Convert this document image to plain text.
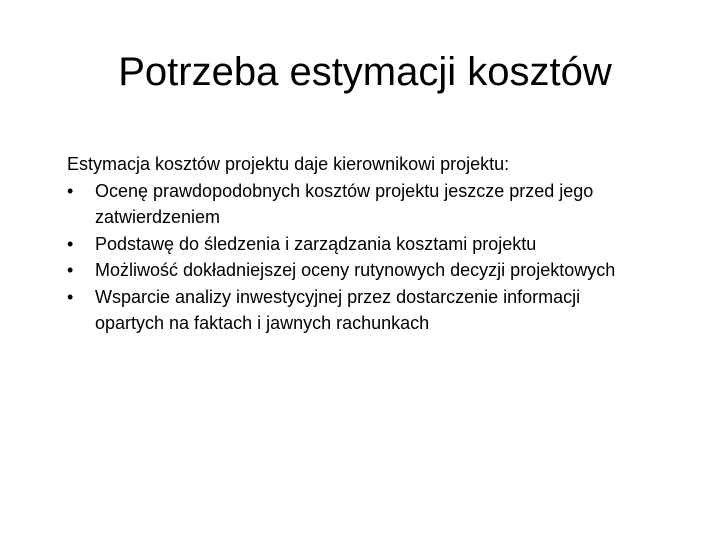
Potrzeba estymacji kosztów

Estymacja kosztów projektu daje kierownikowi projektu:

•	Ocenę prawdopodobnych kosztów projektu jeszcze przed jego zatwierdzeniem
•	Podstawę do śledzenia i zarządzania kosztami projektu
•	Możliwość dokładniejszej oceny rutynowych decyzji projektowych
•	Wsparcie analizy inwestycyjnej przez dostarczenie informacji opartych na faktach i jawnych rachunkach
